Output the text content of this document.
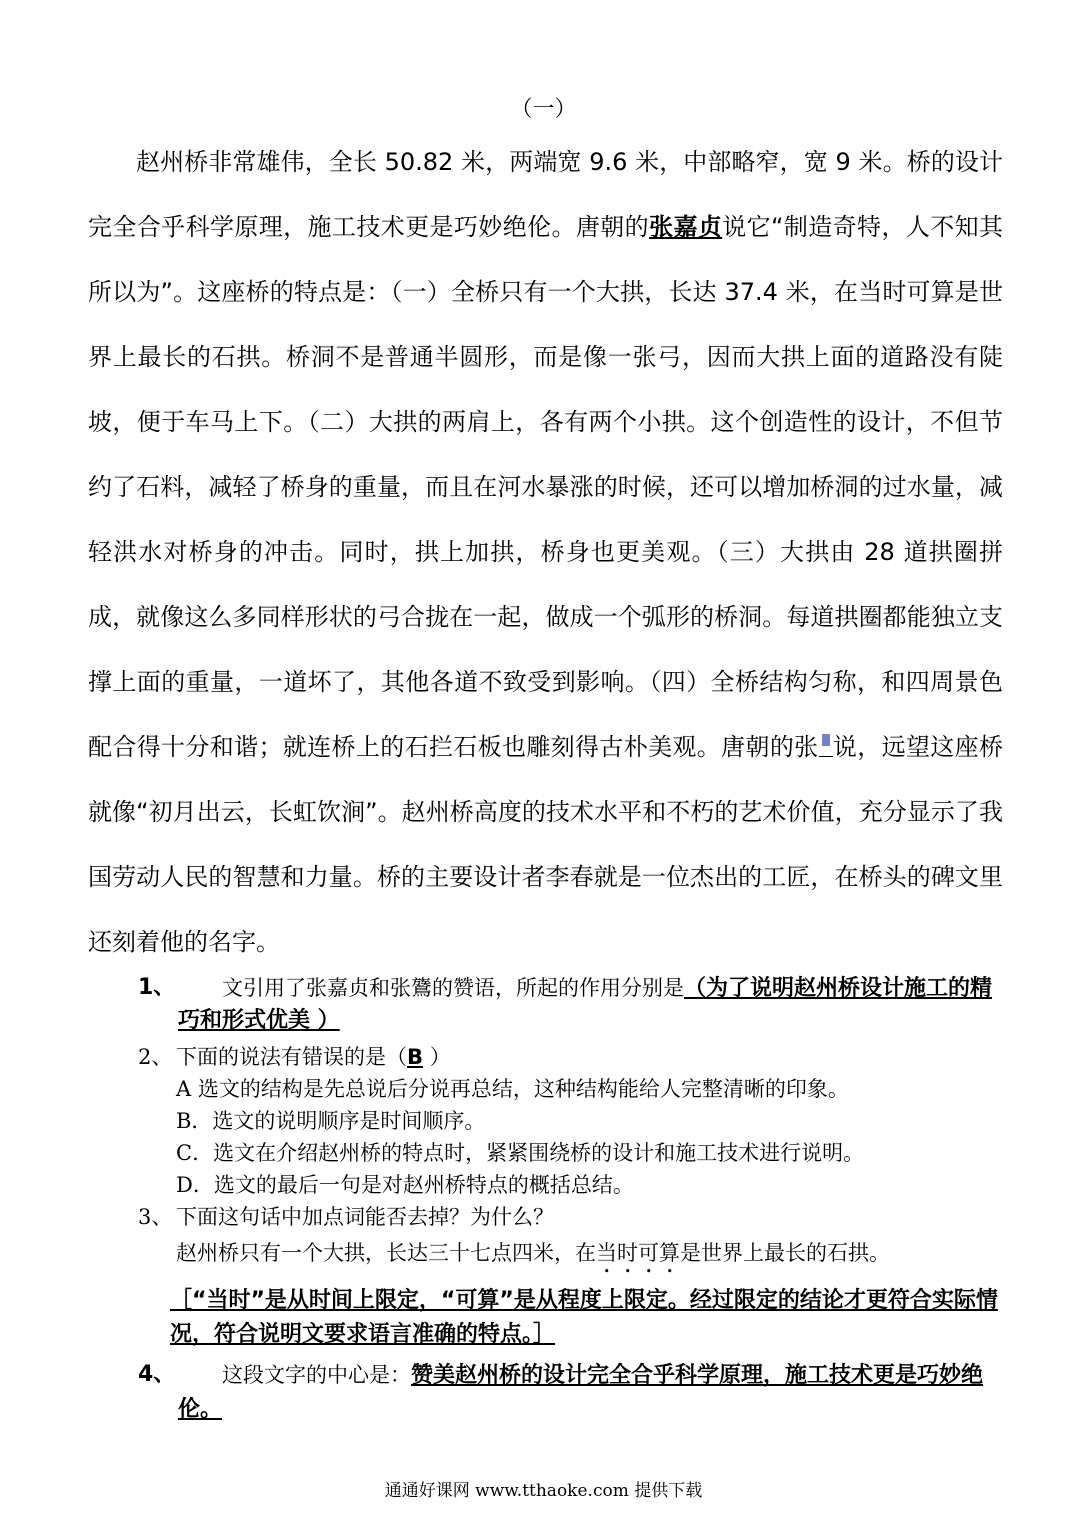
（一）

赵州桥非常雄伟，全长 50.82 米，两端宽 9.6 米，中部略窄，宽 9 米。桥的设计完全合乎科学原理，施工技术更是巧妙绝伦。唐朝的张嘉贞说它“制造奇特，人不知其所以为”。这座桥的特点是：（一）全桥只有一个大拱，长达 37.4 米，在当时可算是世界上最长的石拱。桥洞不是普通半圆形，而是像一张弓，因而大拱上面的道路没有陡坡，便于车马上下。（二）大拱的两肩上，各有两个小拱。这个创造性的设计，不但节约了石料，减轻了桥身的重量，而且在河水暴涨的时候，还可以增加桥洞的过水量，减轻洪水对桥身的冲击。同时，拱上加拱，桥身也更美观。（三）大拱由 28 道拱圈拼成，就像这么多同样形状的弓合拢在一起，做成一个弧形的桥洞。每道拱圈都能独立支撑上面的重量，一道坏了，其他各道不致受到影响。（四）全桥结构匀称，和四周景色配合得十分和谐；就连桥上的石拦石板也雕刻得古朴美观。唐朝的张 说，远望这座桥就像“初月出云，长虹饮涧”。赵州桥高度的技术水平和不朽的艺术价值，充分显示了我国劳动人民的智慧和力量。桥的主要设计者李春就是一位杰出的工匠，在桥头的碑文里还刻着他的名字。

1、 文引用了张嘉贞和张鷟的赞语，所起的作用分别是（为了说明赵州桥设计施工的精巧和形式优美 ）
2、 下面的说法有错误的是（B ）
A 选文的结构是先总说后分说再总结，这种结构能给人完整清晰的印象。
B．选文的说明顺序是时间顺序。
C．选文在介绍赵州桥的特点时，紧紧围绕桥的设计和施工技术进行说明。
D．选文的最后一句是对赵州桥特点的概括总结。
3、 下面这句话中加点词能否去掉？为什么？
赵州桥只有一个大拱，长达三十七点四米，在当时可算是世界上最长的石拱。
［“当时”是从时间上限定，“可算”是从程度上限定。经过限定的结论才更符合实际情况，符合说明文要求语言准确的特点。］
4、 这段文字的中心是：赞美赵州桥的设计完全合乎科学原理，施工技术更是巧妙绝伦。
通通好课网 www.tthaoke.com 提供下载
